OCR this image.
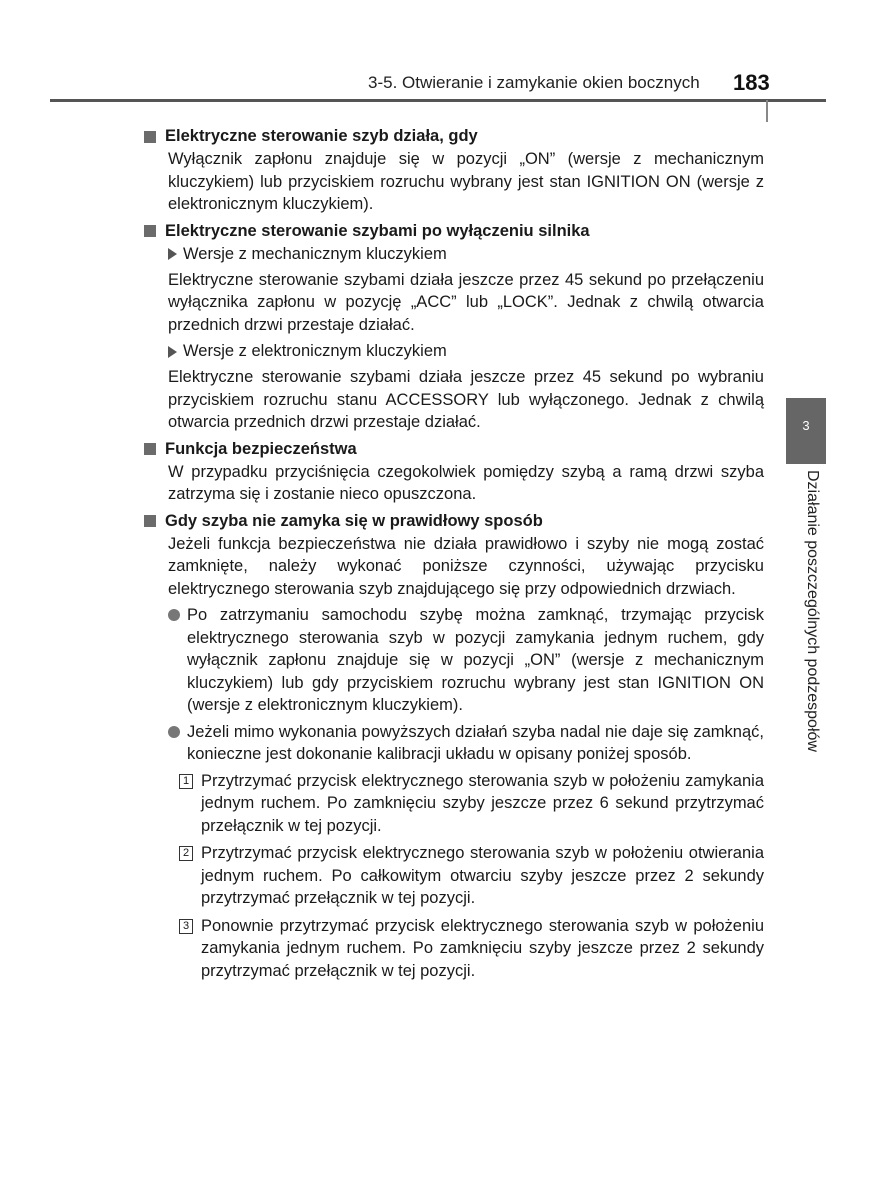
3-5. Otwieranie i zamykanie okien bocznych 183
3
Działanie poszczególnych podzespołów
Elektryczne sterowanie szyb działa, gdy
Wyłącznik zapłonu znajduje się w pozycji „ON” (wersje z mechanicznym kluczykiem) lub przyciskiem rozruchu wybrany jest stan IGNITION ON (wersje z elektronicznym kluczykiem).
Elektryczne sterowanie szybami po wyłączeniu silnika
Wersje z mechanicznym kluczykiem
Elektryczne sterowanie szybami działa jeszcze przez 45 sekund po przełączeniu wyłącznika zapłonu w pozycję „ACC” lub „LOCK”. Jednak z chwilą otwarcia przednich drzwi przestaje działać.
Wersje z elektronicznym kluczykiem
Elektryczne sterowanie szybami działa jeszcze przez 45 sekund po wybraniu przyciskiem rozruchu stanu ACCESSORY lub wyłączonego. Jednak z chwilą otwarcia przednich drzwi przestaje działać.
Funkcja bezpieczeństwa
W przypadku przyciśnięcia czegokolwiek pomiędzy szybą a ramą drzwi szyba zatrzyma się i zostanie nieco opuszczona.
Gdy szyba nie zamyka się w prawidłowy sposób
Jeżeli funkcja bezpieczeństwa nie działa prawidłowo i szyby nie mogą zostać zamknięte, należy wykonać poniższe czynności, używając przycisku elektrycznego sterowania szyb znajdującego się przy odpowiednich drzwiach.
Po zatrzymaniu samochodu szybę można zamknąć, trzymając przycisk elektrycznego sterowania szyb w pozycji zamykania jednym ruchem, gdy wyłącznik zapłonu znajduje się w pozycji „ON” (wersje z mechanicznym kluczykiem) lub gdy przyciskiem rozruchu wybrany jest stan IGNITION ON (wersje z elektronicznym kluczykiem).
Jeżeli mimo wykonania powyższych działań szyba nadal nie daje się zamknąć, konieczne jest dokonanie kalibracji układu w opisany poniżej sposób.
1 Przytrzymać przycisk elektrycznego sterowania szyb w położeniu zamykania jednym ruchem. Po zamknięciu szyby jeszcze przez 6 sekund przytrzymać przełącznik w tej pozycji.
2 Przytrzymać przycisk elektrycznego sterowania szyb w położeniu otwierania jednym ruchem. Po całkowitym otwarciu szyby jeszcze przez 2 sekundy przytrzymać przełącznik w tej pozycji.
3 Ponownie przytrzymać przycisk elektrycznego sterowania szyb w położeniu zamykania jednym ruchem. Po zamknięciu szyby jeszcze przez 2 sekundy przytrzymać przełącznik w tej pozycji.
